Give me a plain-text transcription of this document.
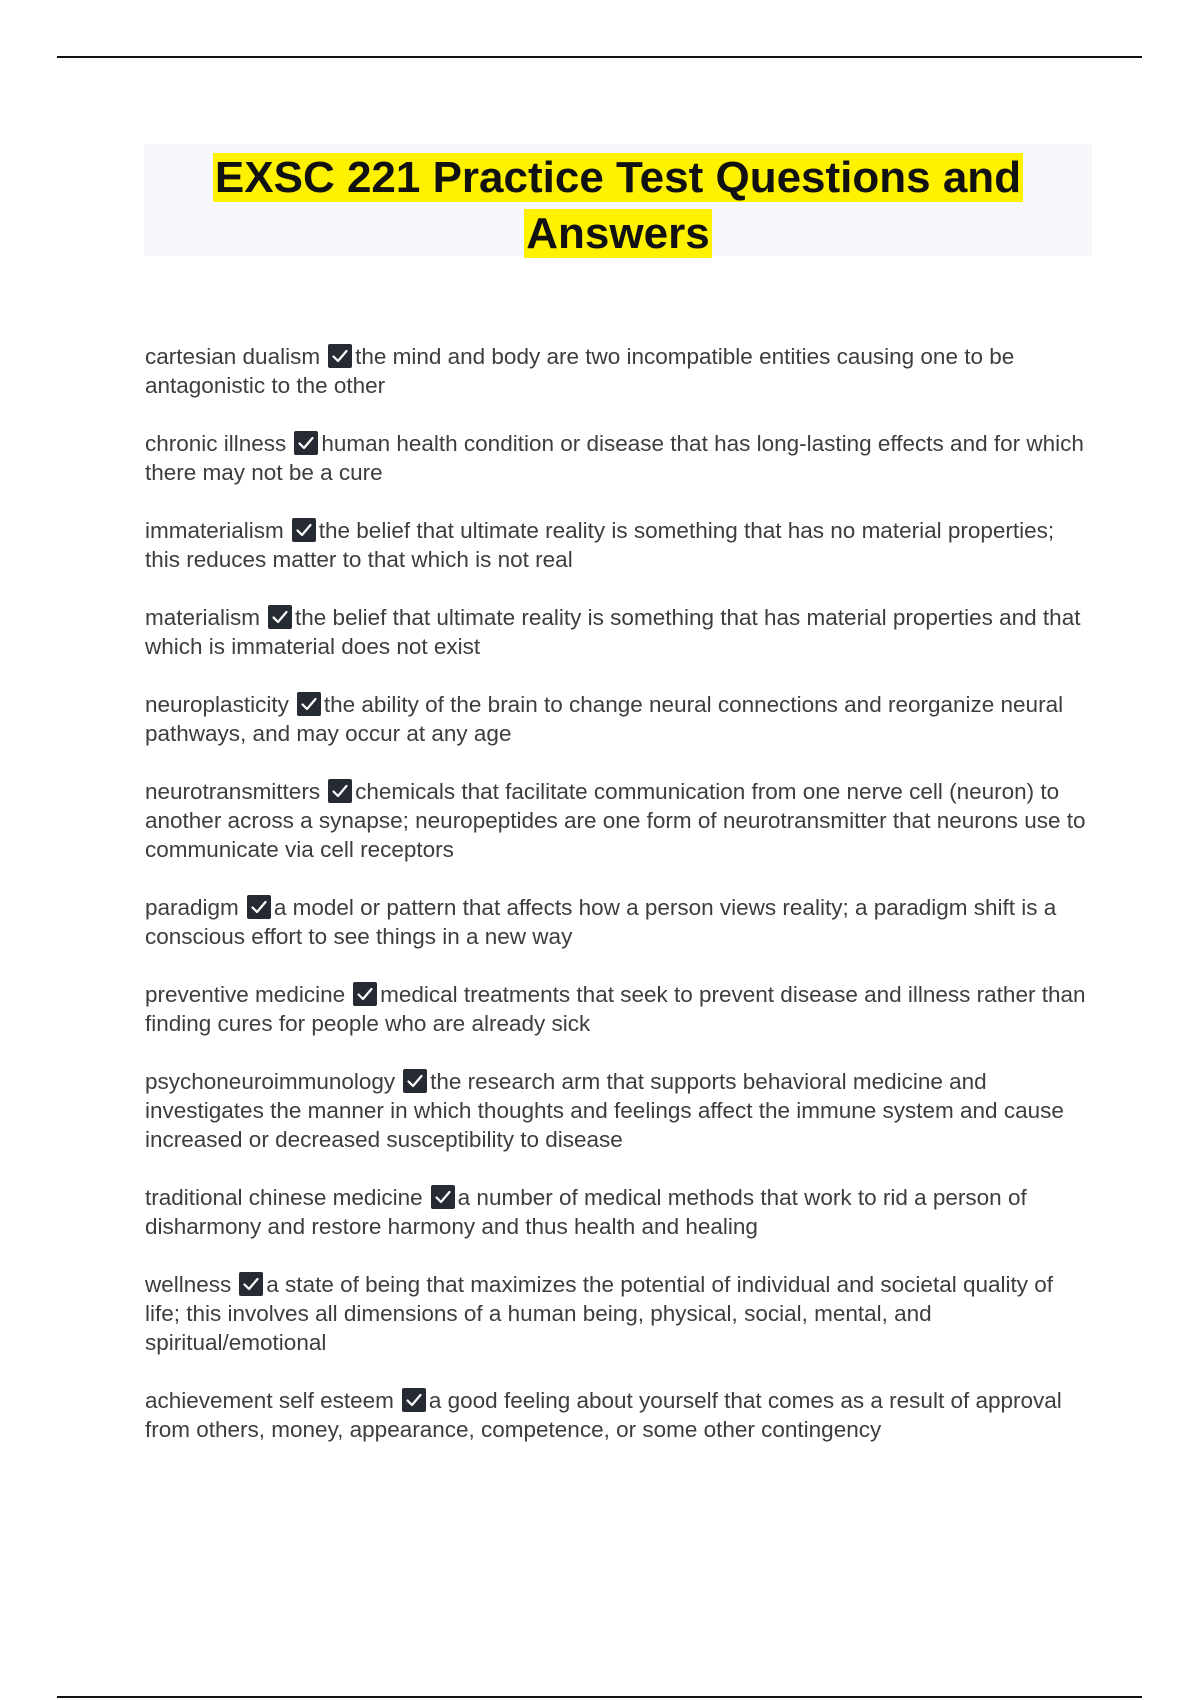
EXSC 221 Practice Test Questions and Answers
cartesian dualism the mind and body are two incompatible entities causing one to be antagonistic to the other
chronic illness human health condition or disease that has long-lasting effects and for which there may not be a cure
immaterialism the belief that ultimate reality is something that has no material properties; this reduces matter to that which is not real
materialism the belief that ultimate reality is something that has material properties and that which is immaterial does not exist
neuroplasticity the ability of the brain to change neural connections and reorganize neural pathways, and may occur at any age
neurotransmitters chemicals that facilitate communication from one nerve cell (neuron) to another across a synapse; neuropeptides are one form of neurotransmitter that neurons use to communicate via cell receptors
paradigm a model or pattern that affects how a person views reality; a paradigm shift is a conscious effort to see things in a new way
preventive medicine medical treatments that seek to prevent disease and illness rather than finding cures for people who are already sick
psychoneuroimmunology the research arm that supports behavioral medicine and investigates the manner in which thoughts and feelings affect the immune system and cause increased or decreased susceptibility to disease
traditional chinese medicine a number of medical methods that work to rid a person of disharmony and restore harmony and thus health and healing
wellness a state of being that maximizes the potential of individual and societal quality of life; this involves all dimensions of a human being, physical, social, mental, and spiritual/emotional
achievement self esteem a good feeling about yourself that comes as a result of approval from others, money, appearance, competence, or some other contingency
